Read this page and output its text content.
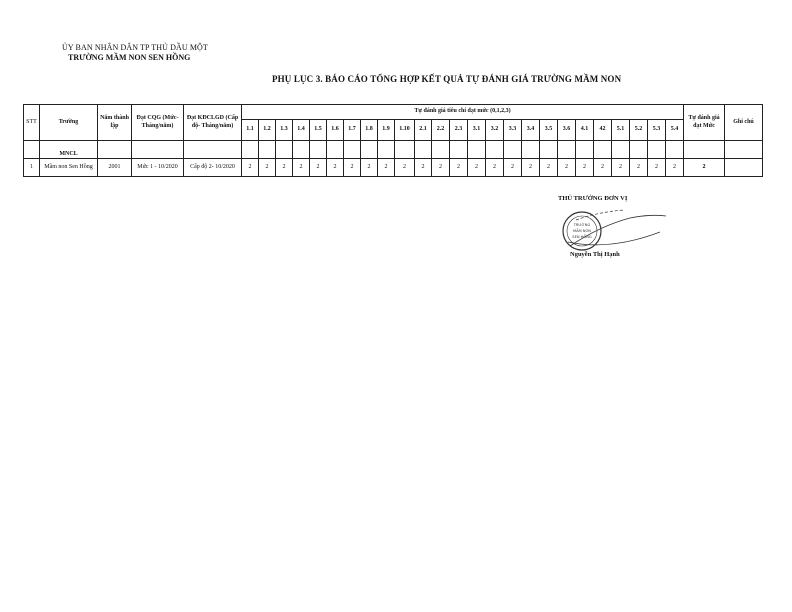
ỦY BAN NHÂN DÂN TP THỦ DẦU MỘT
TRƯỜNG MẦM NON SEN HỒNG
PHỤ LỤC 3. BÁO CÁO TỔNG HỢP KẾT QUẢ TỰ ĐÁNH GIÁ TRƯỜNG MẦM NON
STT	Trường	Năm thành lập	Đạt CQG (Mức- Tháng/năm)	Đạt KĐCLGD (Cấp độ- Tháng/năm)	Tự đánh giá tiêu chí đạt mức (0,1,2,3)																									Tự đánh giá đạt Mức	Ghi chú
					1.1	1.2	1.3	1.4	1.5	1.6	1.7	1.8	1.9	1.10	2.1	2.2	2.3	3.1	3.2	3.3	3.4	3.5	3.6	4.1	42	5.1	5.2	5.3	5.4		
	MNCL																														
1	Mầm non Sen Hồng	2001	Mức 1 - 10/2020	Cấp độ 2- 10/2020	2	2	2	2	2	2	2	2	2	2	2	2	2	2	2	2	2	2	2	2	2	2	2	2	2	2	
THỦ TRƯỞNG ĐƠN VỊ
TRƯỜNG
MẦM NON
SEN HỒNG
Nguyễn Thị Hạnh
